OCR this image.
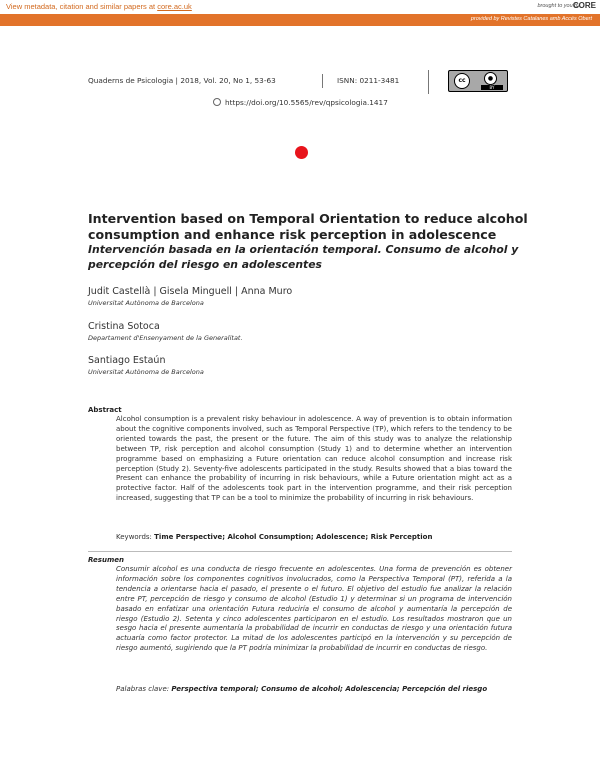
View metadata, citation and similar papers at core.ac.uk	brought to you by
CORE
provided by Revistes Catalanes amb Accés Obert
Quaderns de Psicologia | 2018, Vol. 20, No 1, 53-63	ISNN: 0211-3481	cc	●
BY
https://doi.org/10.5565/rev/qpsicologia.1417
Intervention based on Temporal Orientation to reduce alcohol consumption and enhance risk perception in adolescence
Intervención basada en la orientación temporal. Consumo de alcohol y percepción del riesgo en adolescentes
Judit Castellà | Gisela Minguell | Anna Muro
Universitat Autònoma de Barcelona
Cristina Sotoca
Departament d'Ensenyament de la Generalitat.
Santiago Estaún
Universitat Autònoma de Barcelona
Abstract

Alcohol consumption is a prevalent risky behaviour in adolescence. A way of prevention is to obtain information about the cognitive components involved, such as Temporal Perspective (TP), which refers to the tendency to be oriented towards the past, the present or the future. The aim of this study was to analyze the relationship between TP, risk perception and alcohol consumption (Study 1) and to determine whether an intervention programme based on emphasizing a Future orientation can reduce alcohol consumption and increase risk perception (Study 2). Seventy-five adolescents participated in the study. Results showed that a bias toward the Present can enhance the probability of incurring in risk behaviours, while a Future orientation might act as a protective factor. Half of the adolescents took part in the intervention programme, and their risk perception increased, suggesting that TP can be a tool to minimize the probability of incurring in risk behaviours.

Keywords: Time Perspective; Alcohol Consumption; Adolescence; Risk Perception
Resumen

Consumir alcohol es una conducta de riesgo frecuente en adolescentes. Una forma de prevención es obtener información sobre los componentes cognitivos involucrados, como la Perspectiva Temporal (PT), referida a la tendencia a orientarse hacia el pasado, el presente o el futuro. El objetivo del estudio fue analizar la relación entre PT, percepción de riesgo y consumo de alcohol (Estudio 1) y determinar si un programa de intervención basado en enfatizar una orientación Futura reduciría el consumo de alcohol y aumentaría la percepción de riesgo (Estudio 2). Setenta y cinco adolescentes participaron en el estudio. Los resultados mostraron que un sesgo hacia el presente aumentaría la probabilidad de incurrir en conductas de riesgo y una orientación futura actuaría como factor protector. La mitad de los adolescentes participó en la intervención y su percepción de riesgo aumentó, sugiriendo que la PT podría minimizar la probabilidad de incurrir en conductas de riesgo.

Palabras clave: Perspectiva temporal; Consumo de alcohol; Adolescencia; Percepción del riesgo
